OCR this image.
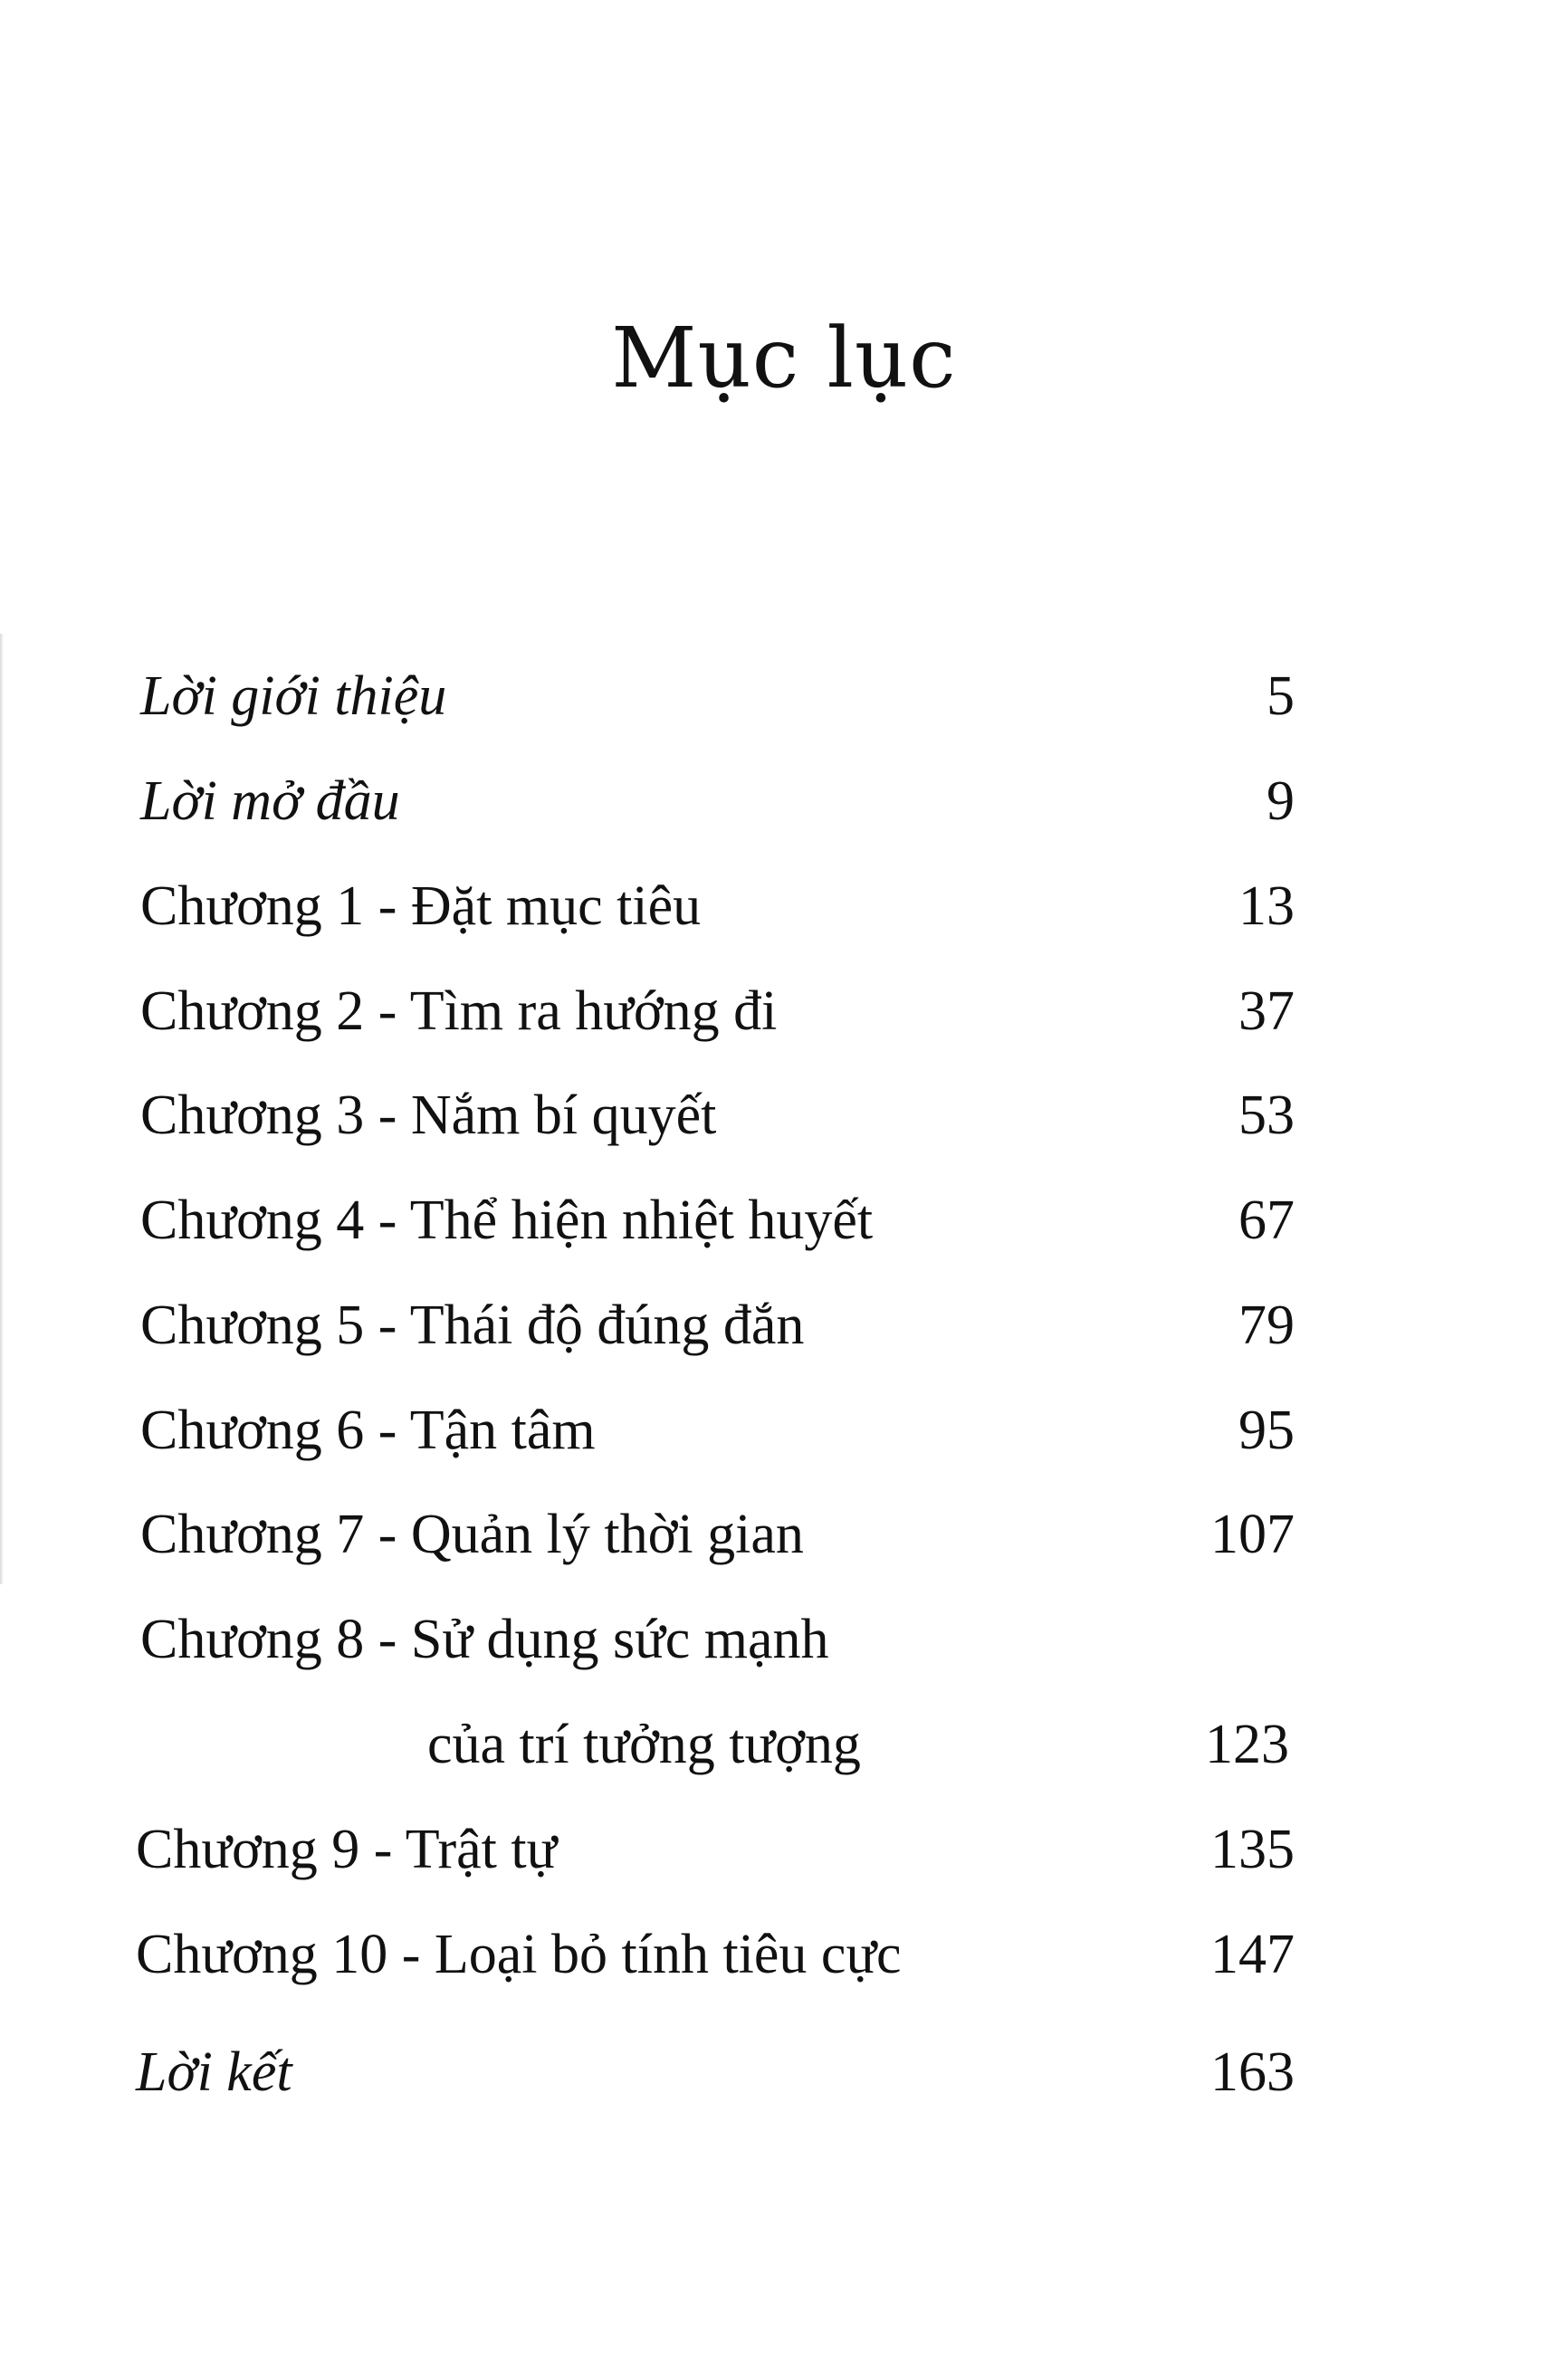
Mục lục
Lời giới thiệu	5
Lời mở đầu	9
Chương 1 - Đặt mục tiêu	13
Chương 2 - Tìm ra hướng đi	37
Chương 3 - Nắm bí quyết	53
Chương 4 - Thể hiện nhiệt huyết	67
Chương 5 - Thái độ đúng đắn	79
Chương 6 - Tận tâm	95
Chương 7 - Quản lý thời gian	107
Chương 8 - Sử dụng sức mạnh
của trí tưởng tượng	123
Chương 9 - Trật tự	135
Chương 10 - Loại bỏ tính tiêu cực	147
Lời kết	163
